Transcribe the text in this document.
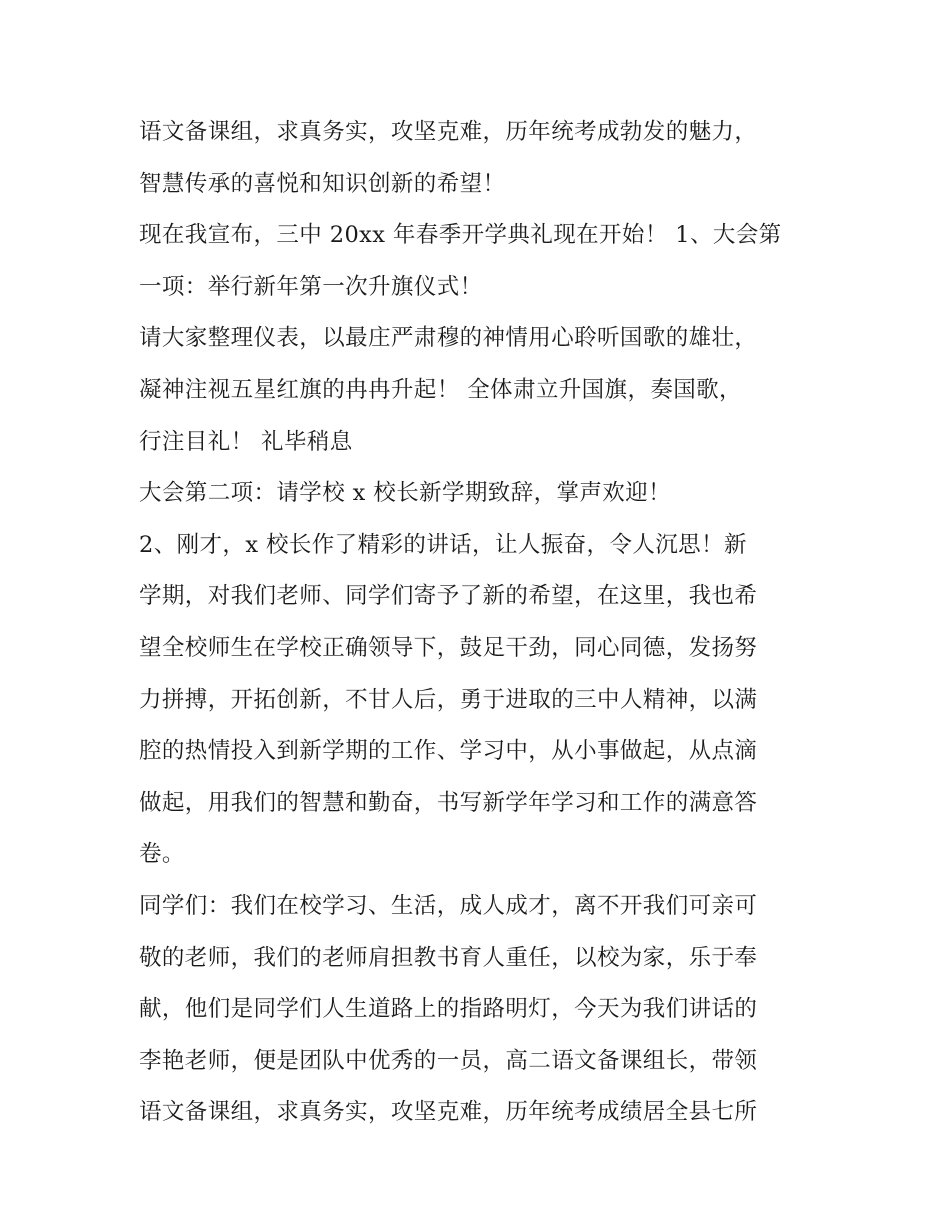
语文备课组，求真务实，攻坚克难，历年统考成勃发的魅力，
智慧传承的喜悦和知识创新的希望！
现在我宣布，三中 20xx 年春季开学典礼现在开始！ 1、大会第
一项：举行新年第一次升旗仪式！
请大家整理仪表，以最庄严肃穆的神情用心聆听国歌的雄壮，
凝神注视五星红旗的冉冉升起！ 全体肃立升国旗，奏国歌，
行注目礼！ 礼毕稍息
大会第二项：请学校 x 校长新学期致辞，掌声欢迎！
2、刚才，x 校长作了精彩的讲话，让人振奋，令人沉思！新
学期，对我们老师、同学们寄予了新的希望，在这里，我也希
望全校师生在学校正确领导下，鼓足干劲，同心同德，发扬努
力拼搏，开拓创新，不甘人后，勇于进取的三中人精神，以满
腔的热情投入到新学期的工作、学习中，从小事做起，从点滴
做起，用我们的智慧和勤奋，书写新学年学习和工作的满意答
卷。
同学们：我们在校学习、生活，成人成才，离不开我们可亲可
敬的老师，我们的老师肩担教书育人重任，以校为家，乐于奉
献，他们是同学们人生道路上的指路明灯，今天为我们讲话的
李艳老师，便是团队中优秀的一员，高二语文备课组长，带领
语文备课组，求真务实，攻坚克难，历年统考成绩居全县七所
